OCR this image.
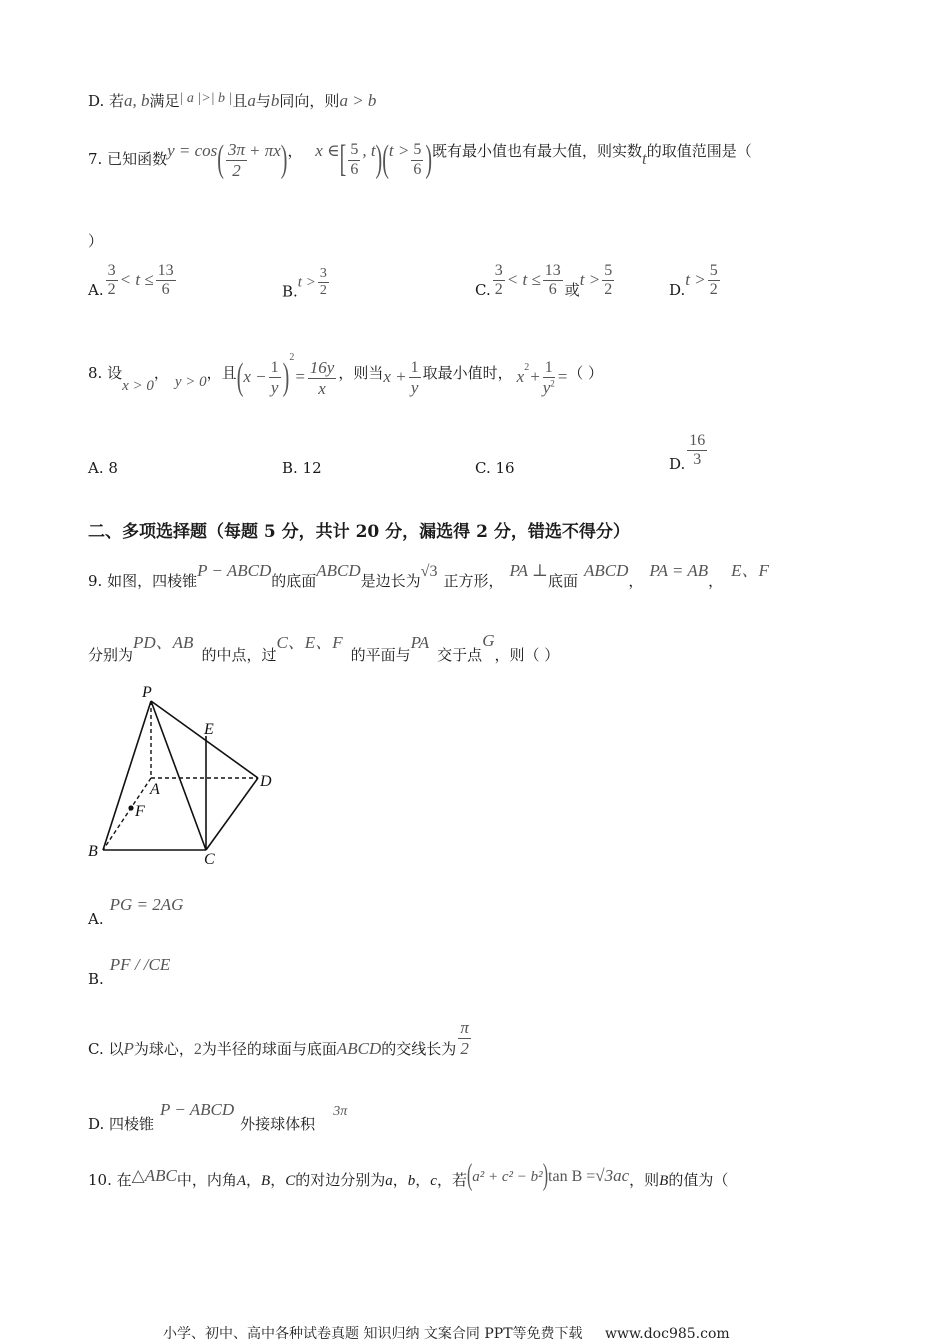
D. 若a, b满足| a |>| b |且a与b同向，则a > b
7. 已知函数$y = \cos( \frac{3\pi}{2} + \pi x)$， x ∈[ $\frac{5}{6}$ , $t)(t > \frac{5}{6}$ )既有最小值也有最大值，则实数t的取值范围是（
）
A. $\frac{3}{2} < t \le \frac{13}{6}$	$B.t > \frac{3}{2}$	C. $\frac{3}{2} < t \le \frac{13}{6}$ 或$t > \frac{5}{2}$	$D.t > \frac{5}{2}$
8. 设x > 0， y > 0，且$(x - \frac{1}{y} )^2= \frac{16y}{x}$ ，则当$x + \frac{1}{y}$ 取最小值时， $x^2+ \frac{1}{y^2}$ =（ ）
A. 8	B. 12	C. 16	D. $\frac{16}{3}$
二、多项选择题（每题 5 分，共计 20 分，漏选得 2 分，错选不得分）
9. 如图，四棱锥P − ABCD的底面ABCD是边长为√3正方形，PA ⊥底面ABCD，PA = AB，E、F
分别为PD、AB的中点，过C、E、F的平面与PA交于点G，则（ ）
P
E
A	D
F
B	C
A.PG = 2AG
B.PF / /CE
C. 以P为球心，2为半径的球面与底面ABCD的交线长为 $\frac{\pi}{2}$
D. 四棱锥P − ABCD外接球体积3π
10. 在△ABC中，内角A，B，C的对边分别为a，b，c，若(a² + c² − b²)tan B =√3ac，则B的值为（
小学、初中、高中各种试卷真题 知识归纳 文案合同 PPT等免费下载 www.doc985.com
